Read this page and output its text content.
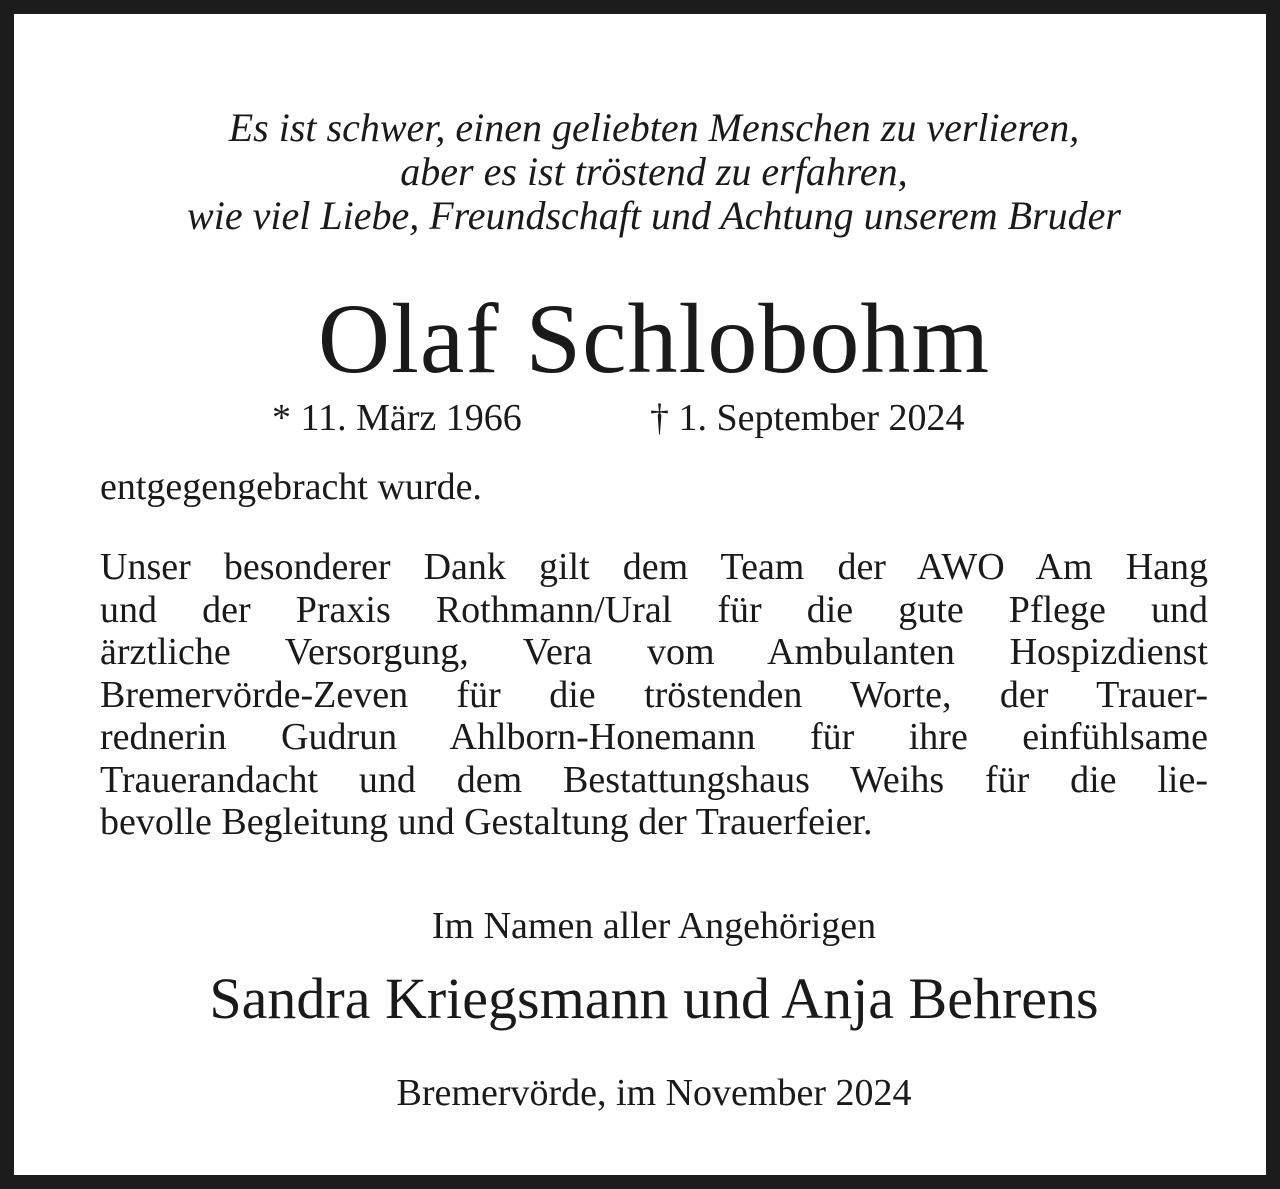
Es ist schwer, einen geliebten Menschen zu verlieren,
aber es ist tröstend zu erfahren,
wie viel Liebe, Freundschaft und Achtung unserem Bruder
Olaf Schlobohm
* 11. März 1966	† 1. September 2024
entgegengebracht wurde.
Unser besonderer Dank gilt dem Team der AWO Am Hang
und der Praxis Rothmann/Ural für die gute Pflege und
ärztliche Versorgung, Vera vom Ambulanten Hospizdienst
Bremervörde-Zeven für die tröstenden Worte, der Trauer-
rednerin Gudrun Ahlborn-Honemann für ihre einfühlsame
Trauerandacht und dem Bestattungshaus Weihs für die lie-
bevolle Begleitung und Gestaltung der Trauerfeier.
Im Namen aller Angehörigen
Sandra Kriegsmann und Anja Behrens
Bremervörde, im November 2024
